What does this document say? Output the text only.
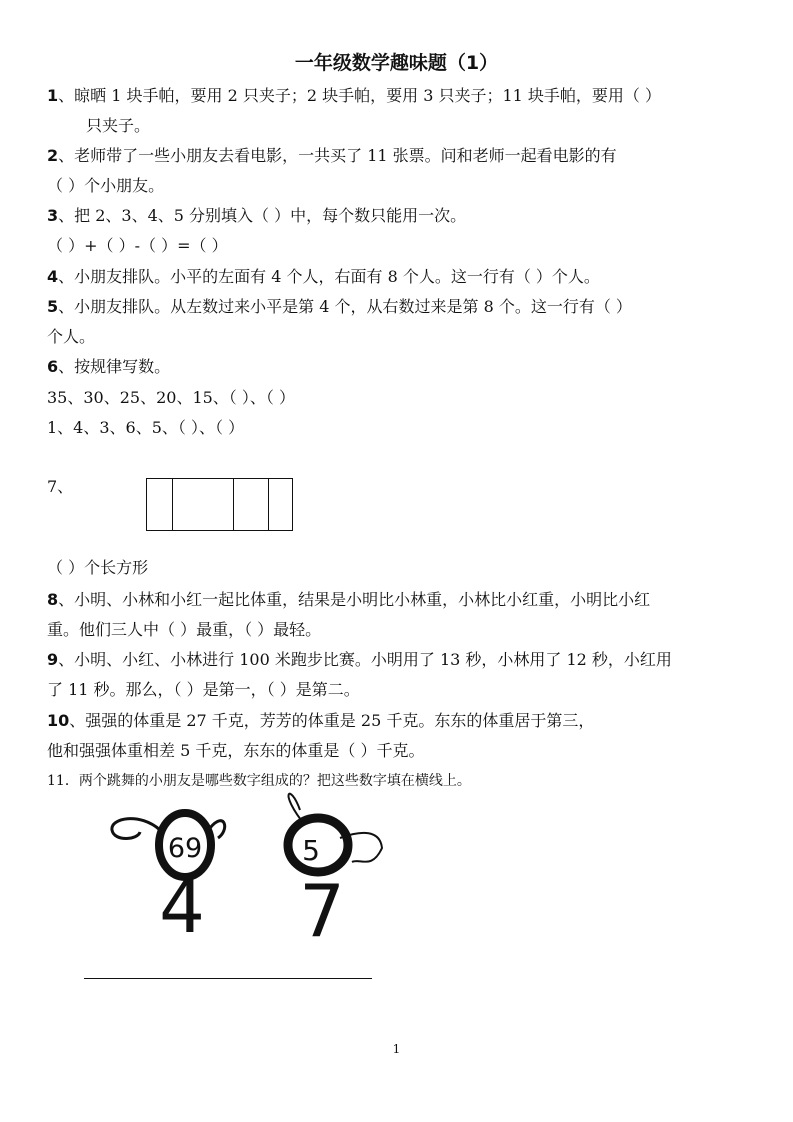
一年级数学趣味题（1）
1、晾晒 1 块手帕，要用 2 只夹子；2 块手帕，要用 3 只夹子；11 块手帕，要用（ ）
只夹子。
2、老师带了一些小朋友去看电影，一共买了 11 张票。问和老师一起看电影的有
（ ）个小朋友。
3、把 2、3、4、5 分别填入（ ）中，每个数只能用一次。
（ ）+（ ）-（ ）=（ ）
4、小朋友排队。小平的左面有 4 个人，右面有 8 个人。这一行有（ ）个人。
5、小朋友排队。从左数过来小平是第 4 个，从右数过来是第 8 个。这一行有（ ）
个人。
6、按规律写数。
35、30、25、20、15、（ ）、（ ）
1、4、3、6、5、（ ）、（ ）
7、
（ ）个长方形
8、小明、小林和小红一起比体重，结果是小明比小林重，小林比小红重，小明比小红
重。他们三人中（ ）最重，（ ）最轻。
9、小明、小红、小林进行 100 米跑步比赛。小明用了 13 秒，小林用了 12 秒，小红用
了 11 秒。那么，（ ）是第一，（ ）是第二。
10、强强的体重是 27 千克，芳芳的体重是 25 千克。东东的体重居于第三，
他和强强体重相差 5 千克，东东的体重是（ ）千克。
11．两个跳舞的小朋友是哪些数字组成的？把这些数字填在横线上。
69
4
5
7
1
